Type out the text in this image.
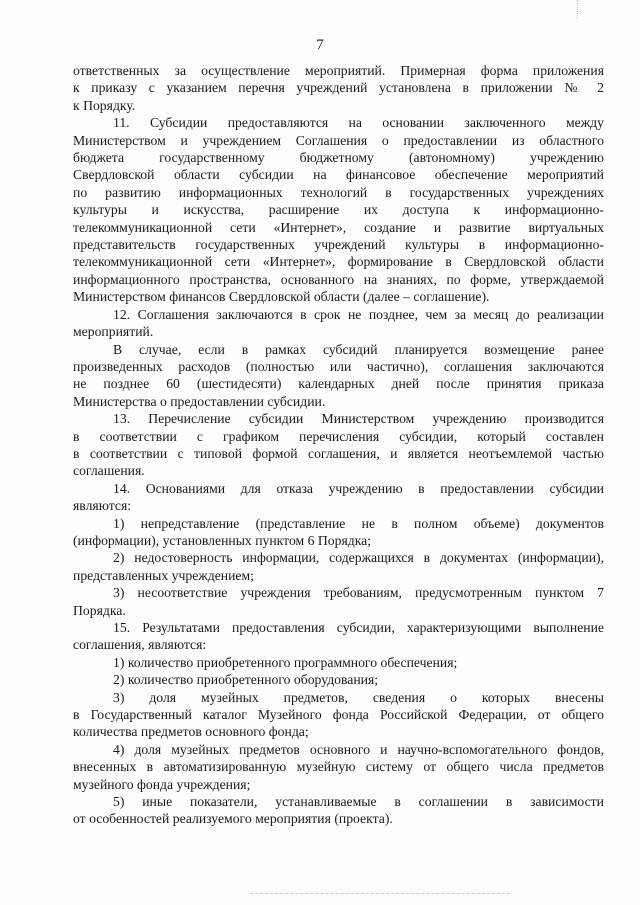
7
ответственных за осуществление мероприятий. Примерная форма приложения
к приказу с указанием перечня учреждений установлена в приложении № 2
к Порядку.
11. Субсидии предоставляются на основании заключенного между
Министерством и учреждением Соглашения о предоставлении из областного
бюджета государственному бюджетному (автономному) учреждению
Свердловской области субсидии на финансовое обеспечение мероприятий
по развитию информационных технологий в государственных учреждениях
культуры и искусства, расширение их доступа к информационно-
телекоммуникационной сети «Интернет», создание и развитие виртуальных
представительств государственных учреждений культуры в информационно-
телекоммуникационной сети «Интернет», формирование в Свердловской области
информационного пространства, основанного на знаниях, по форме, утверждаемой
Министерством финансов Свердловской области (далее – соглашение).
12. Соглашения заключаются в срок не позднее, чем за месяц до реализации
мероприятий.
В случае, если в рамках субсидий планируется возмещение ранее
произведенных расходов (полностью или частично), соглашения заключаются
не позднее 60 (шестидесяти) календарных дней после принятия приказа
Министерства о предоставлении субсидии.
13. Перечисление субсидии Министерством учреждению производится
в соответствии с графиком перечисления субсидии, который составлен
в соответствии с типовой формой соглашения, и является неотъемлемой частью
соглашения.
14. Основаниями для отказа учреждению в предоставлении субсидии
являются:
1) непредставление (представление не в полном объеме) документов
(информации), установленных пунктом 6 Порядка;
2) недостоверность информации, содержащихся в документах (информации),
представленных учреждением;
3) несоответствие учреждения требованиям, предусмотренным пунктом 7
Порядка.
15. Результатами предоставления субсидии, характеризующими выполнение
соглашения, являются:
1) количество приобретенного программного обеспечения;
2) количество приобретенного оборудования;
3) доля музейных предметов, сведения о которых внесены
в Государственный каталог Музейного фонда Российской Федерации, от общего
количества предметов основного фонда;
4) доля музейных предметов основного и научно-вспомогательного фондов,
внесенных в автоматизированную музейную систему от общего числа предметов
музейного фонда учреждения;
5) иные показатели, устанавливаемые в соглашении в зависимости
от особенностей реализуемого мероприятия (проекта).
